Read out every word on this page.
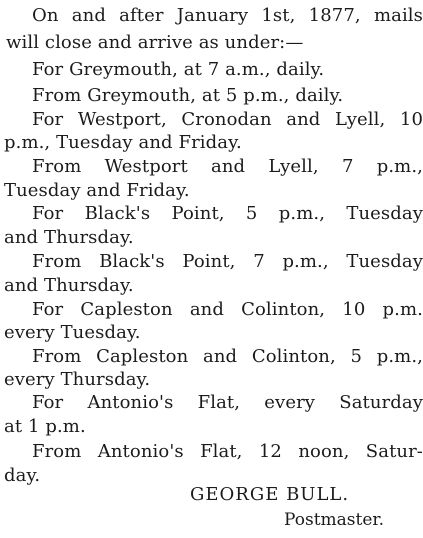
On and after January 1st, 1877, mails
will close and arrive as under:—
For Greymouth, at 7 a.m., daily.
From Greymouth, at 5 p.m., daily.
For Westport, Cronodan and Lyell, 10
p.m., Tuesday and Friday.
From Westport and Lyell, 7 p.m.,
Tuesday and Friday.
For Black's Point, 5 p.m., Tuesday
and Thursday.
From Black's Point, 7 p.m., Tuesday
and Thursday.
For Capleston and Colinton, 10 p.m.
every Tuesday.
From Capleston and Colinton, 5 p.m.,
every Thursday.
For Antonio's Flat, every Saturday
at 1 p.m.
From Antonio's Flat, 12 noon, Satur-
day.
GEORGE BULL.
Postmaster.
